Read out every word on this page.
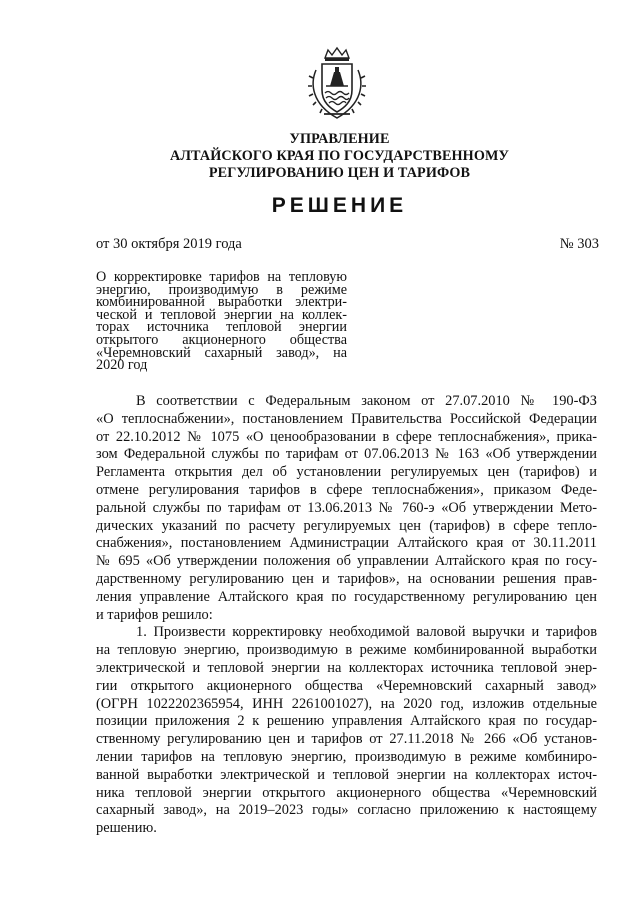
УПРАВЛЕНИЕ
АЛТАЙСКОГО КРАЯ ПО ГОСУДАРСТВЕННОМУ
РЕГУЛИРОВАНИЮ ЦЕН И ТАРИФОВ
РЕШЕНИЕ
от 30 октября 2019 года	№ 303
О корректировке тарифов на тепловую
энергию, производимую в режиме
комбинированной выработки электри-
ческой и тепловой энергии на коллек-
торах источника тепловой энергии
открытого акционерного общества
«Черемновский сахарный завод», на
2020 год
В соответствии с Федеральным законом от 27.07.2010 № 190-ФЗ
«О теплоснабжении», постановлением Правительства Российской Федерации
от 22.10.2012 № 1075 «О ценообразовании в сфере теплоснабжения», прика-
зом Федеральной службы по тарифам от 07.06.2013 № 163 «Об утверждении
Регламента открытия дел об установлении регулируемых цен (тарифов) и
отмене регулирования тарифов в сфере теплоснабжения», приказом Феде-
ральной службы по тарифам от 13.06.2013 № 760-э «Об утверждении Мето-
дических указаний по расчету регулируемых цен (тарифов) в сфере тепло-
снабжения», постановлением Администрации Алтайского края от 30.11.2011
№ 695 «Об утверждении положения об управлении Алтайского края по госу-
дарственному регулированию цен и тарифов», на основании решения прав-
ления управление Алтайского края по государственному регулированию цен
и тарифов решило:
1. Произвести корректировку необходимой валовой выручки и тарифов
на тепловую энергию, производимую в режиме комбинированной выработки
электрической и тепловой энергии на коллекторах источника тепловой энер-
гии открытого акционерного общества «Черемновский сахарный завод»
(ОГРН 1022202365954, ИНН 2261001027), на 2020 год, изложив отдельные
позиции приложения 2 к решению управления Алтайского края по государ-
ственному регулированию цен и тарифов от 27.11.2018 № 266 «Об установ-
лении тарифов на тепловую энергию, производимую в режиме комбиниро-
ванной выработки электрической и тепловой энергии на коллекторах источ-
ника тепловой энергии открытого акционерного общества «Черемновский
сахарный завод», на 2019–2023 годы» согласно приложению к настоящему
решению.
